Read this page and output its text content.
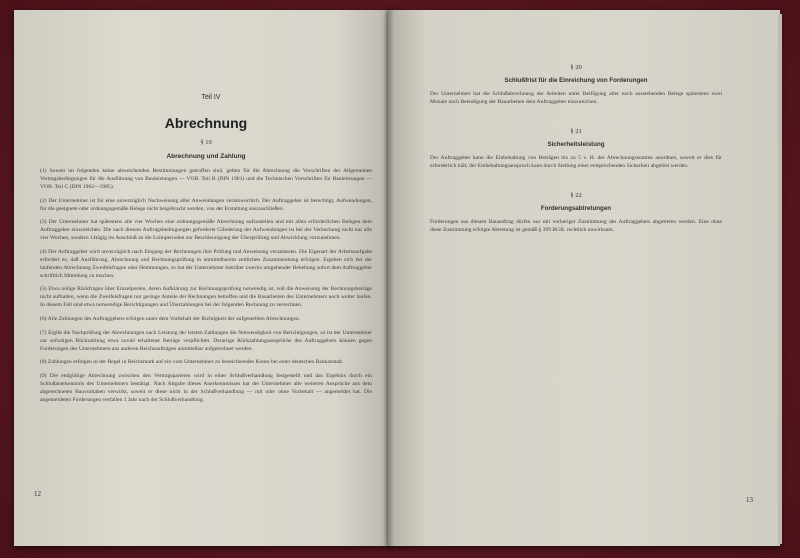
Teil IV
Abrechnung
§ 19
Abrechnung und Zahlung

(1) Soweit im folgenden keine abweichenden Bestimmungen getroffen sind, gelten für die Abrechnung die Vorschriften der Allgemeinen Vertragsbedingungen für die Ausführung von Bauleistungen — VOB. Teil B (DIN 1961) und die Technischen Vorschriften für Bauleistungen — VOB. Teil C (DIN 1962—1985).

(2) Der Unternehmer ist für eine unverzüglich Nachweisung aller Anwendungen verantwortlich. Der Auftraggeber ist berechtigt, Aufwendungen, für die geeignete oder ordnungsgemäße Belege nicht beigebracht werden, von der Erstattung auszuschließen.

(3) Der Unternehmer hat spätestens alle vier Wochen eine ordnungsgemäße Abrechnung aufzustellen und mit allen erforderlichen Belegen dem Auftraggeber einzureichen. Die nach diesem Auftragsbedingungen geforderte Gliederung der Aufwendungen ist bei der Verbuchung nicht nur alle vier Wochen, sondern 14tägig im Anschluß an die Lohnperioden zur Beschleunigung der Überprüfung und Abwicklung vorzunehmen.

(4) Der Auftraggeber wird unverzüglich nach Eingang der Rechnungen ihre Prüfung und Anweisung veranlassen. Die Eigenart der Arbeitsaufgabe erfordert es, daß Ausführung, Abrechnung und Rechnungsprüfung in unmittelbarem zeitlichen Zusammenhang erfolgen. Ergeben sich bei der laufenden Abrechnung Zweifelsfragen oder Hemmungen, so hat der Unternehmer hierüber zwecks umgehender Behebung sofort dem Auftraggeber schriftlich Mitteilung zu machen.

(5) Etwa nötige Rückfragen über Einzelposten, deren Aufklärung zur Rechnungsprüfung notwendig ist, soll die Anweisung der Rechnungsbeträge nicht aufhalten, wenn die Zweifelsfragen nur geringe Anteile der Rechnungen betreffen und die Bauarbeiten des Unternehmers noch weiter laufen. In diesem Fall sind etwa notwendige Berichtigungen und Überzahlungen bei der folgenden Rechnung zu verrechnen.

(6) Alle Zahlungen des Auftraggebers erfolgen unter dem Vorbehalt der Richtigkeit der aufgestellten Abrechnungen.

(7) Ergibt die Nachprüfung der Abrechnungen nach Leistung der letzten Zahlungen die Notwendigkeit von Berichtigungen, so ist der Unternehmer zur sofortigen Rückzahlung etwa zuviel erhaltener Beträge verpflichtet. Derartige Rückzahlungsansprüche des Auftraggebers können gegen Forderungen des Unternehmers aus anderen Reichsaufträgen unmittelbar aufgerechnet werden.

(8) Zahlungen erfolgen in der Regel in Reichsmark auf ein vom Unternehmer zu bezeichnendes Konto bei einer deutschen Bankanstalt.

(9) Die endgültige Abrechnung zwischen den Vertragsparteien wird in einer Schlußverhandlung festgestellt und das Ergebnis durch ein Schlußanerkenntnis des Unternehmers bestätigt. Nach Abgabe dieses Anerkenntnisses hat der Unternehmer alle weiteren Ansprüche aus dem abgerechneten Bauvorhaben verwirkt, soweit er diese nicht in der Schlußverhandlung — mit oder ohne Vorbehalt — angemeldet hat. Die angemeldeten Forderungen verfallen 1 Jahr nach der Schlußverhandlung.

12
§ 20
Schlußfrist für die Einreichung von Forderungen

Der Unternehmer hat die Schlußabrechnung der Arbeiten unter Beifügung aller noch ausstehenden Belege spätestens zwei Monate nach Beendigung der Bauarbeiten dem Auftraggeber einzureichen.

§ 21
Sicherheitsleistung

Der Auftraggeber kann die Einbehaltung von Beträgen bis zu 5 v. H. der Abrechnungssumme anordnen, soweit er dies für erforderlich hält; der Einbehaltungsanspruch kann durch Stellung einer entsprechenden Sicherheit abgelöst werden.

§ 22
Forderungsabtretungen

Forderungen aus diesem Bauauftrag dürfen nur mit vorheriger Zustimmung des Auftraggebers abgetreten werden. Eine ohne diese Zustimmung erfolgte Abtretung ist gemäß § 399 BGB. rechtlich unwirksam.

13
